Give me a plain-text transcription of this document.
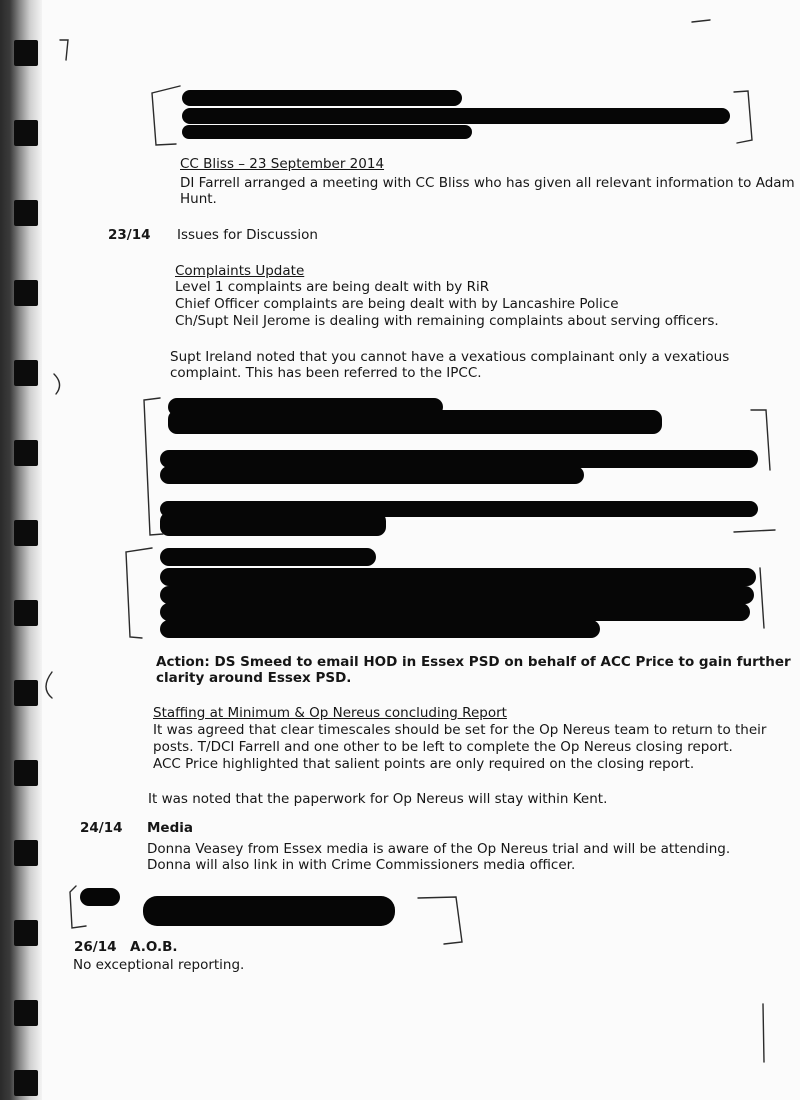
CC Bliss – 23 September 2014
DI Farrell arranged a meeting with CC Bliss who has given all relevant information to Adam
Hunt.
23/14 Issues for Discussion
Complaints Update
Level 1 complaints are being dealt with by RiR
Chief Officer complaints are being dealt with by Lancashire Police
Ch/Supt Neil Jerome is dealing with remaining complaints about serving officers.
Supt Ireland noted that you cannot have a vexatious complainant only a vexatious
complaint. This has been referred to the IPCC.
Action: DS Smeed to email HOD in Essex PSD on behalf of ACC Price to gain further
clarity around Essex PSD.
Staffing at Minimum & Op Nereus concluding Report
It was agreed that clear timescales should be set for the Op Nereus team to return to their
posts. T/DCI Farrell and one other to be left to complete the Op Nereus closing report.
ACC Price highlighted that salient points are only required on the closing report.
It was noted that the paperwork for Op Nereus will stay within Kent.
24/14 Media
Donna Veasey from Essex media is aware of the Op Nereus trial and will be attending.
Donna will also link in with Crime Commissioners media officer.
26/14 A.O.B.
No exceptional reporting.
